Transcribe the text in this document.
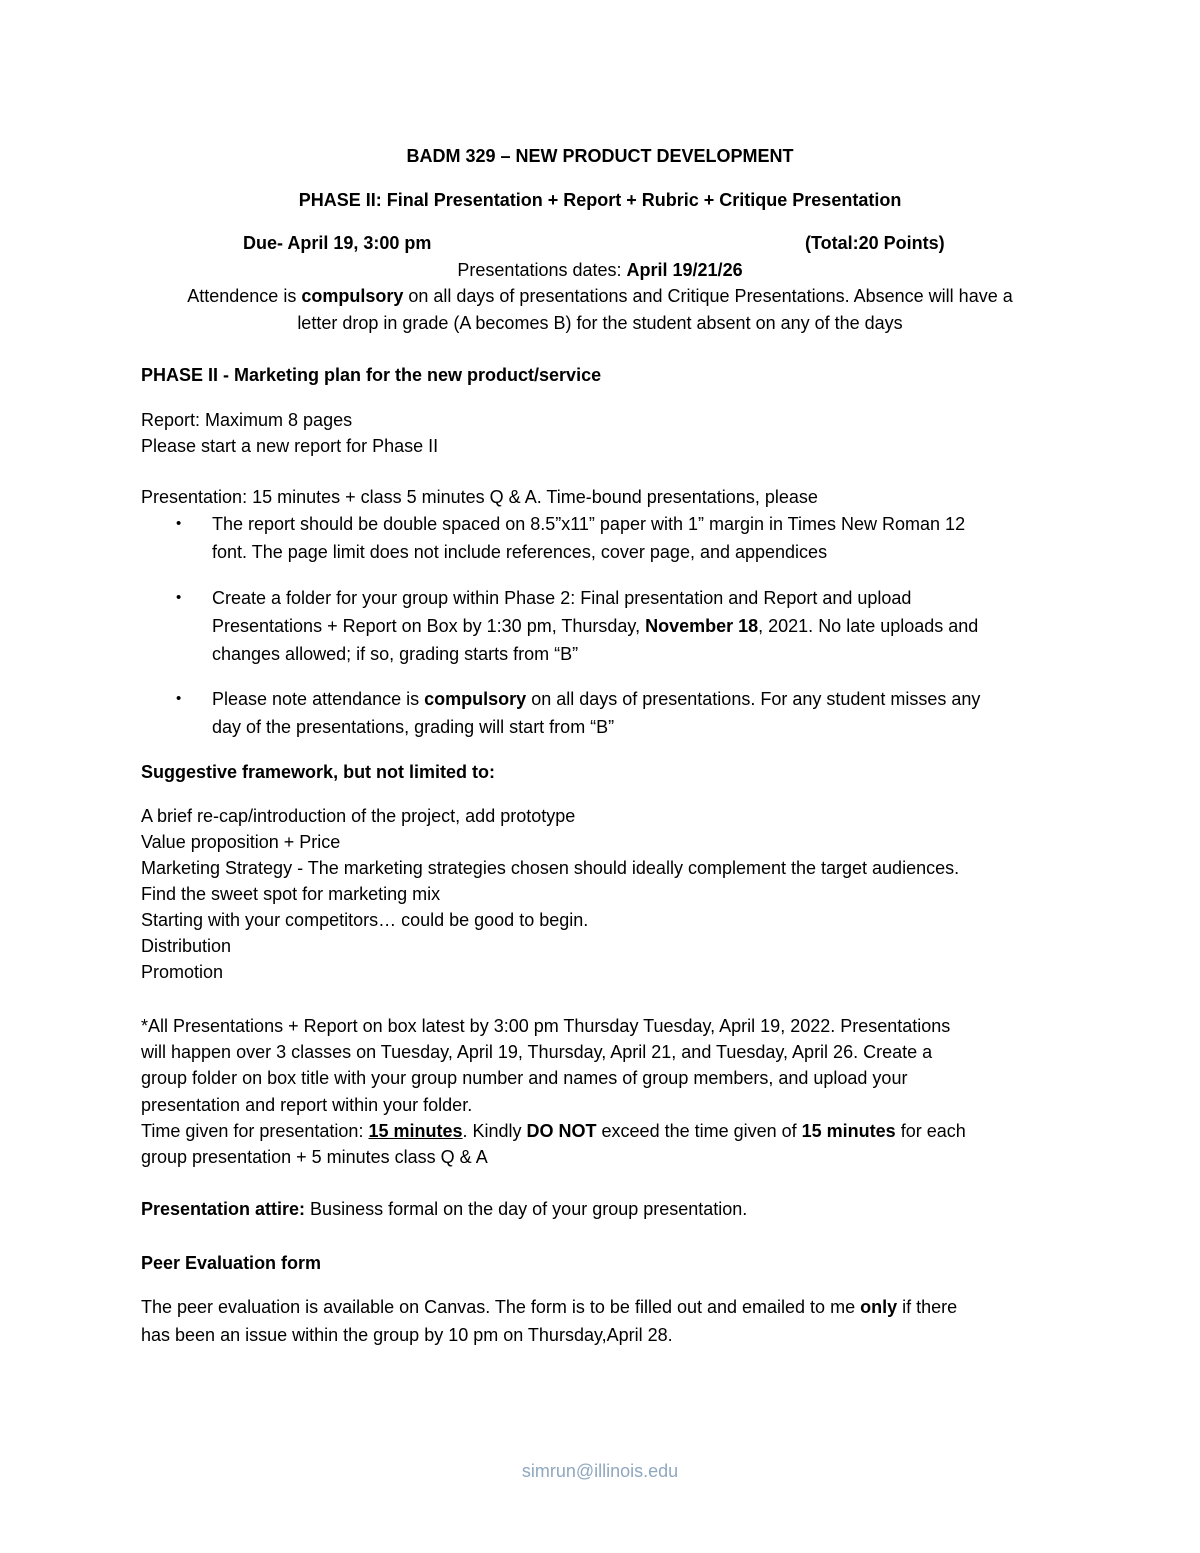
BADM 329 – NEW PRODUCT DEVELOPMENT
PHASE II: Final Presentation + Report + Rubric + Critique Presentation
Due- April 19, 3:00 pm	(Total:20 Points)
Presentations dates: April 19/21/26
Attendence is compulsory on all days of presentations and Critique Presentations. Absence will have a
letter drop in grade (A becomes B) for the student absent on any of the days
PHASE II - Marketing plan for the new product/service
Report: Maximum 8 pages
Please start a new report for Phase II
Presentation: 15 minutes + class 5 minutes Q & A. Time-bound presentations, please
• The report should be double spaced on 8.5”x11” paper with 1” margin in Times New Roman 12
font. The page limit does not include references, cover page, and appendices
• Create a folder for your group within Phase 2: Final presentation and Report and upload
Presentations + Report on Box by 1:30 pm, Thursday, November 18, 2021. No late uploads and
changes allowed; if so, grading starts from “B”
• Please note attendance is compulsory on all days of presentations. For any student misses any
day of the presentations, grading will start from “B”
Suggestive framework, but not limited to:
A brief re-cap/introduction of the project, add prototype
Value proposition + Price
Marketing Strategy - The marketing strategies chosen should ideally complement the target audiences.
Find the sweet spot for marketing mix
Starting with your competitors… could be good to begin.
Distribution
Promotion
*All Presentations + Report on box latest by 3:00 pm Thursday Tuesday, April 19, 2022. Presentations
will happen over 3 classes on Tuesday, April 19, Thursday, April 21, and Tuesday, April 26. Create a
group folder on box title with your group number and names of group members, and upload your
presentation and report within your folder.
Time given for presentation: 15 minutes. Kindly DO NOT exceed the time given of 15 minutes for each
group presentation + 5 minutes class Q & A
Presentation attire: Business formal on the day of your group presentation.
Peer Evaluation form
The peer evaluation is available on Canvas. The form is to be filled out and emailed to me only if there
has been an issue within the group by 10 pm on Thursday,April 28.
simrun@illinois.edu
